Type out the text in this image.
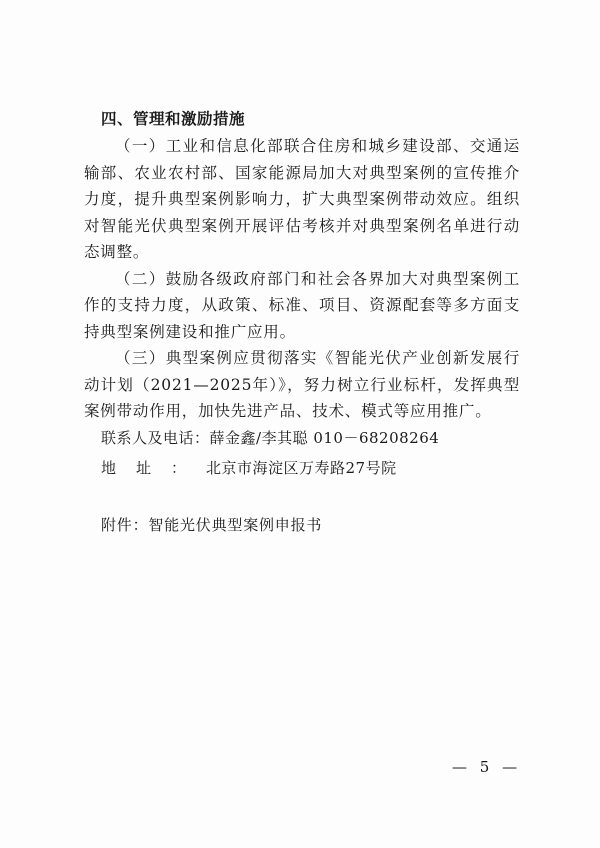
四、管理和激励措施

（一）工业和信息化部联合住房和城乡建设部、交通运输部、农业农村部、国家能源局加大对典型案例的宣传推介力度，提升典型案例影响力，扩大典型案例带动效应。组织对智能光伏典型案例开展评估考核并对典型案例名单进行动态调整。

（二）鼓励各级政府部门和社会各界加大对典型案例工作的支持力度，从政策、标准、项目、资源配套等多方面支持典型案例建设和推广应用。

（三）典型案例应贯彻落实《智能光伏产业创新发展行动计划（2021—2025年）》，努力树立行业标杆，发挥典型案例带动作用，加快先进产品、技术、模式等应用推广。

联系人及电话：薛金鑫/李其聪 010－68208264

地址：北京市海淀区万寿路27号院

附件：智能光伏典型案例申报书

— 5 —
